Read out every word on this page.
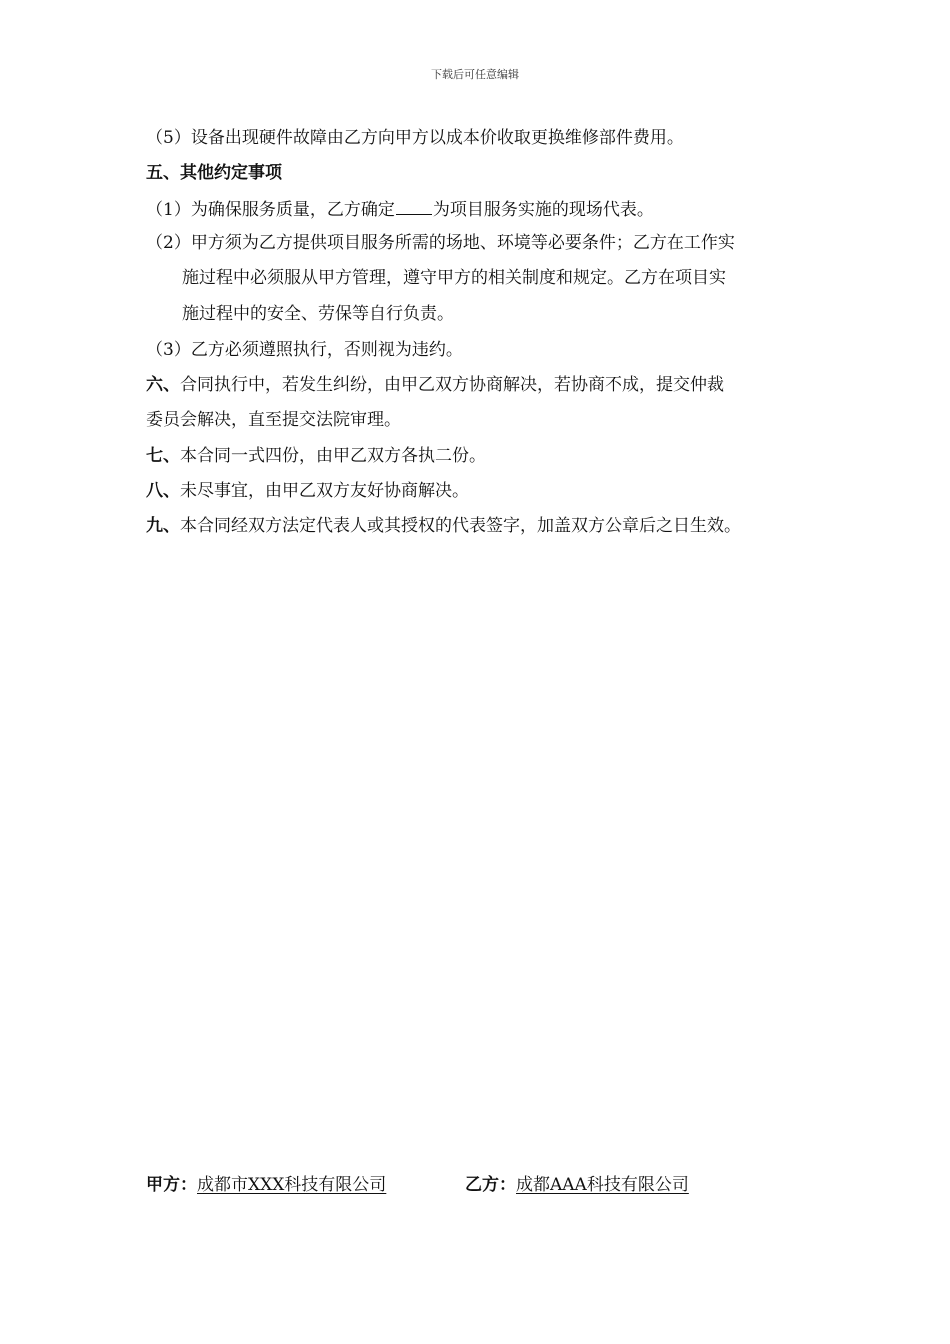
下载后可任意编辑
（5）设备出现硬件故障由乙方向甲方以成本价收取更换维修部件费用。
五、其他约定事项
（1）为确保服务质量，乙方确定 为项目服务实施的现场代表。
（2）甲方须为乙方提供项目服务所需的场地、环境等必要条件；乙方在工作实
施过程中必须服从甲方管理，遵守甲方的相关制度和规定。乙方在项目实
施过程中的安全、劳保等自行负责。
（3）乙方必须遵照执行，否则视为违约。
六、合同执行中，若发生纠纷，由甲乙双方协商解决，若协商不成，提交仲裁
委员会解决，直至提交法院审理。
七、本合同一式四份，由甲乙双方各执二份。
八、未尽事宜，由甲乙双方友好协商解决。
九、本合同经双方法定代表人或其授权的代表签字，加盖双方公章后之日生效。
甲方：成都市XXX科技有限公司	乙方：成都AAA科技有限公司
